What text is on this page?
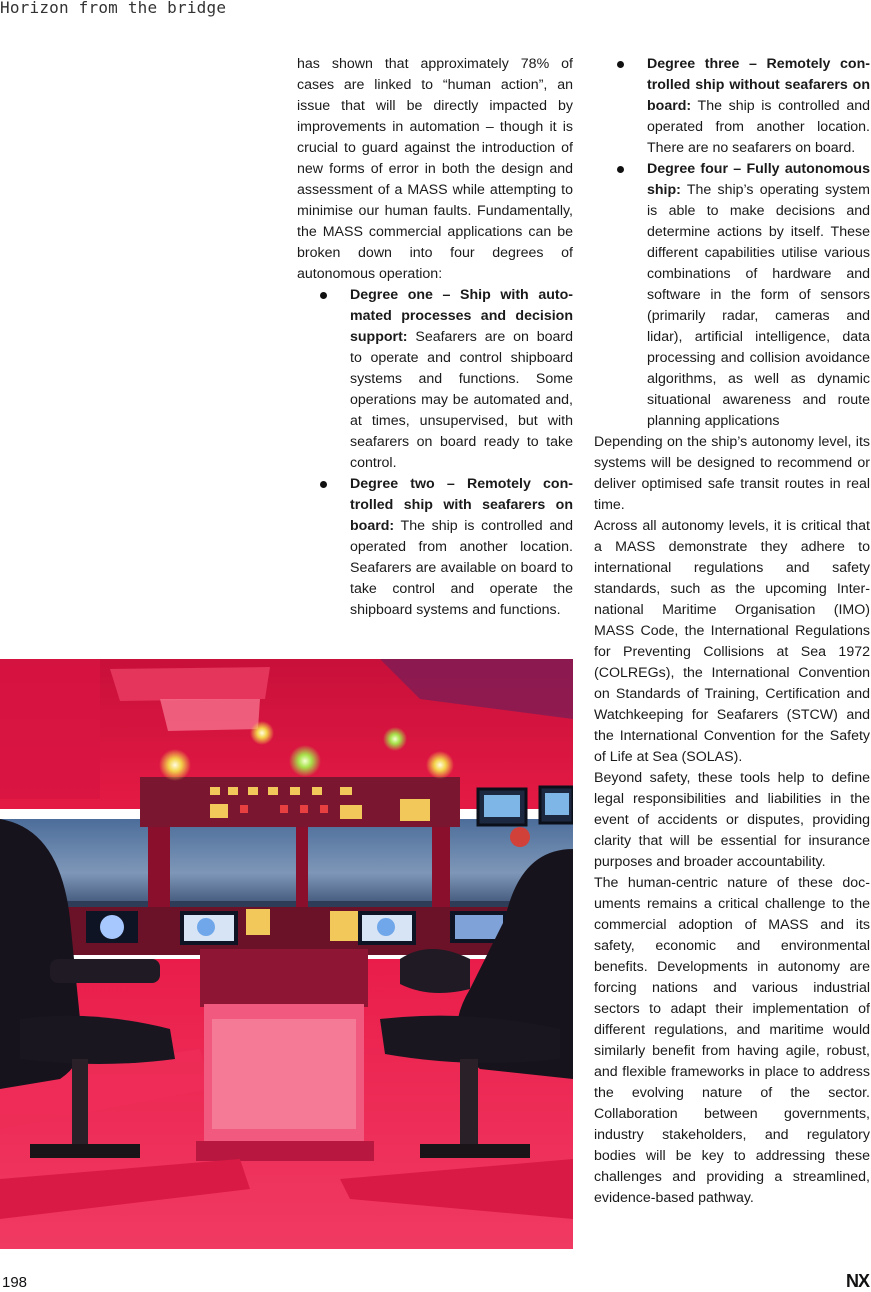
Horizon from the bridge

has shown that approximately 78% of cases are linked to “human action”, an issue that will be directly impacted by improvements in automation – though it is crucial to guard against the introduction of new forms of error in both the design and assessment of a MASS while attempting to minimise our human faults. Fundamentally, the MASS commercial applications can be broken down into four degrees of autonomous operation:

Degree one – Ship with automated processes and decision support: Seafarers are on board to operate and control shipboard systems and functions. Some operations may be automated and, at times, unsupervised, but with seafarers on board ready to take control.
Degree two – Remotely controlled ship with seafarers on board: The ship is controlled and operated from another location. Seafarers are available on board to take control and operate the shipboard systems and functions.
Degree three – Remotely controlled ship without seafarers on board: The ship is controlled and operated from another location. There are no seafarers on board.
Degree four – Fully autonomous ship: The ship’s operating system is able to make decisions and determine actions by itself. These different capabilities utilise various combinations of hardware and software in the form of sensors (primarily radar, cameras and lidar), artificial intelligence, data processing and collision avoidance algorithms, as well as dynamic situational awareness and route planning applications

Depending on the ship’s autonomy level, its systems will be designed to recommend or deliver optimised safe transit routes in real time.

Across all autonomy levels, it is critical that a MASS demonstrate they adhere to international regulations and safety standards, such as the upcoming International Maritime Organisation (IMO) MASS Code, the International Regulations for Preventing Collisions at Sea 1972 (COLREGs), the International Convention on Standards of Training, Certification and Watchkeeping for Seafarers (STCW) and the International Convention for the Safety of Life at Sea (SOLAS).

Beyond safety, these tools help to define legal responsibilities and liabilities in the event of accidents or disputes, providing clarity that will be essential for insurance purposes and broader accountability.

The human-centric nature of these documents remains a critical challenge to the commercial adoption of MASS and its safety, economic and environmental benefits. Developments in autonomy are forcing nations and various industrial sectors to adapt their implementation of different regulations, and maritime would similarly benefit from having agile, robust, and flexible frameworks in place to address the evolving nature of the sector. Collaboration between governments, industry stakeholders, and regulatory bodies will be key to addressing these challenges and providing a streamlined, evidence-based pathway.

198	NX
